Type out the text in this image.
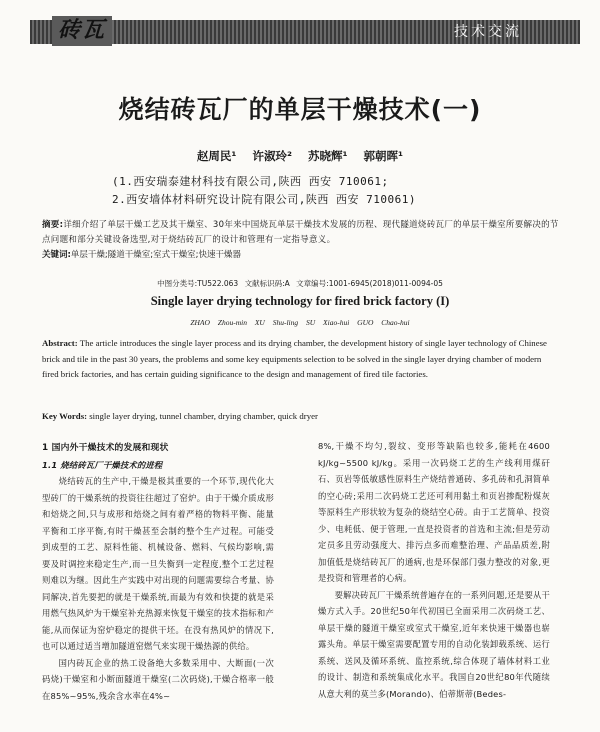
砖瓦	技术交流
烧结砖瓦厂的单层干燥技术(一)
赵周民¹ 许淑玲² 苏晓辉¹ 郭朝晖¹
(1.西安瑞泰建材科技有限公司,陕西 西安 710061;
2.西安墙体材料研究设计院有限公司,陕西 西安 710061)
摘要:详细介绍了单层干燥工艺及其干燥室、30年来中国烧瓦单层干燥技术发展的历程、现代隧道烧砖瓦厂的单层干燥室所要解决的节点问题和部分关键设备选型,对于烧结砖瓦厂的设计和管理有一定指导意义。
关键词:单层干燥;隧道干燥室;室式干燥室;快速干燥器
中图分类号:TU522.063 文献标识码:A 文章编号:1001-6945(2018)011-0094-05
Single layer drying technology for fired brick factory (I)
ZHAO Zhou-min XU Shu-ling SU Xiao-hui GUO Chao-hui
Abstract: The article introduces the single layer process and its drying chamber, the development history of single layer technology of Chinese brick and tile in the past 30 years, the problems and some key equipments selection to be solved in the single layer drying chamber of modern fired brick factories, and has certain guiding significance to the design and management of fired tile factories.
Key Words: single layer drying, tunnel chamber, drying chamber, quick dryer
1 国内外干燥技术的发展和现状
1.1 烧结砖瓦厂干燥技术的进程

烧结砖瓦的生产中,干燥是极其重要的一个环节,现代化大型砖厂的干燥系统的投资往往超过了窑炉。由于干燥介质成形和焙烧之间,只与成形和焙烧之间有着严格的物料平衡、能量平衡和工序平衡,有时干燥甚至会制约整个生产过程。可能受到成型的工艺、原料性能、机械设备、燃料、气候均影响,需要及时调控来稳定生产,而一旦失衡到一定程度,整个工艺过程则难以为继。因此生产实践中对出现的问题需要综合考量、协同解决,首先要把的就是干燥系统,而最为有效和快捷的就是采用燃气热风炉为干燥室补充热源来恢复干燥室的技术指标和产能,从而保证为窑炉稳定的提供干坯。在没有热风炉的情况下,也可以通过适当增加隧道窑燃气来实现干燥热源的供给。

国内砖瓦企业的热工设备绝大多数采用中、大断面(一次码烧)干燥室和小断面隧道干燥室(二次码烧),干燥合格率一般在85%~95%,残余含水率在4%~

8%,干燥不均匀,裂纹、变形等缺陷也较多,能耗在4600 kJ/kg~5500 kJ/kg。采用一次码烧工艺的生产线利用煤矸石、页岩等低敏感性原料生产烧结普通砖、多孔砖和孔洞简单的空心砖;采用二次码烧工艺还可利用黏土和页岩掺配粉煤灰等原料生产形状较为复杂的烧结空心砖。由于工艺简单、投资少、电耗低、便于管理,一直是投资者的首选和主流;但是劳动定员多且劳动强度大、排污点多而难整治理、产品品质差,附加值低是烧结砖瓦厂的通病,也是环保部门强力整改的对象,更是投资和管理者的心病。

要解决砖瓦厂干燥系统普遍存在的一系列问题,还是要从干燥方式入手。20世纪50年代初国已全面采用二次码烧工艺、单层干燥的隧道干燥室或室式干燥室,近年来快速干燥器也崭露头角。单层干燥室需要配置专用的自动化装卸载系统、运行系统、送风及循环系统、监控系统,综合体现了墙体材料工业的设计、制造和系统集成化水平。我国自20世纪80年代随续从意大利的莫兰多(Morando)、伯蒂斯蒂(Bedes-
